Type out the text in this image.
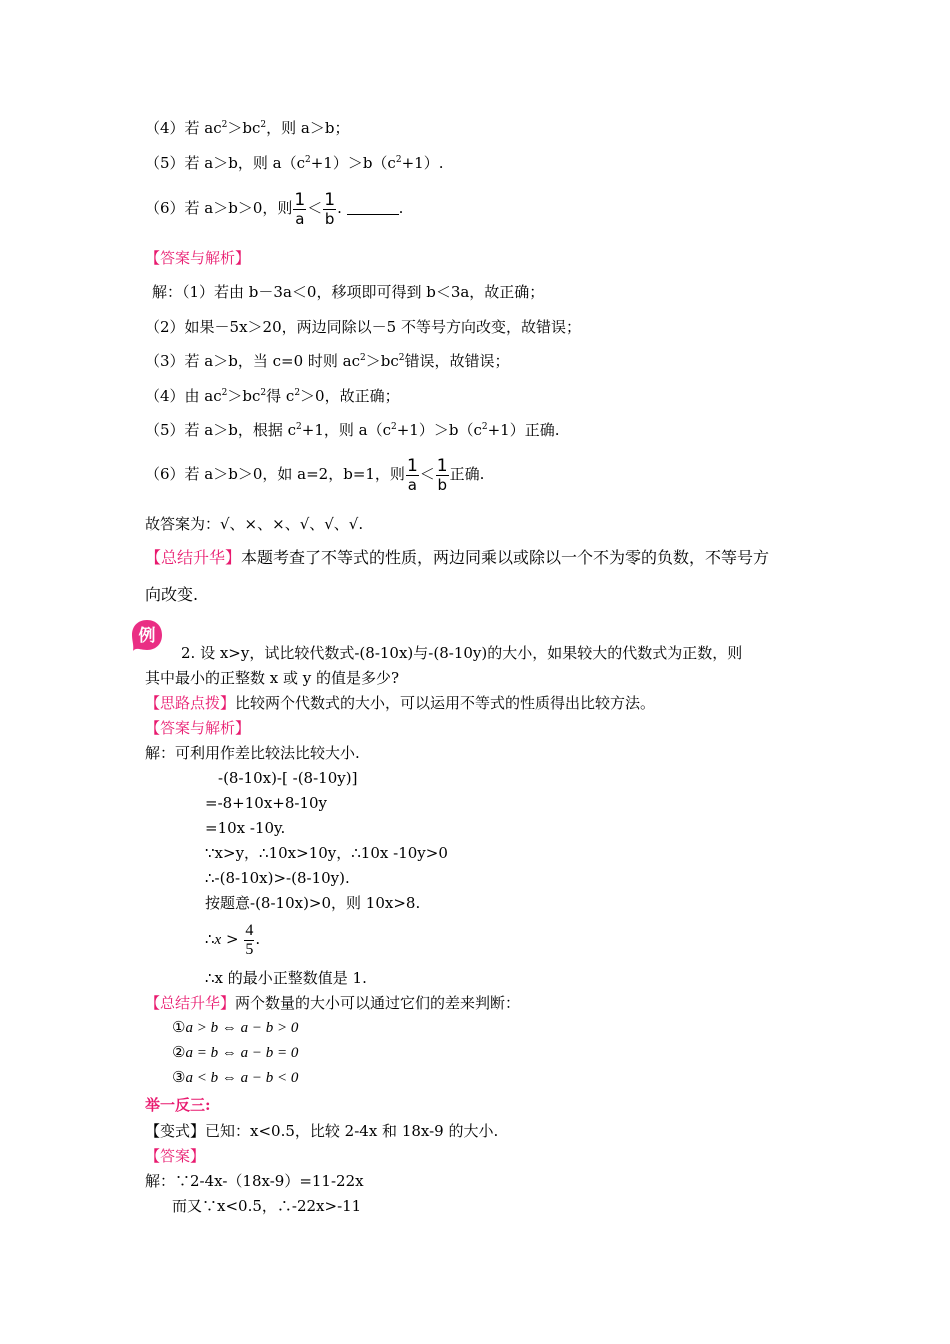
（4）若 $ac^2>bc^2$，则 a＞b；
（5）若 a＞b，则 $a(c^2+1)>b(c^2+1)$.
（6）若 a＞b＞0，则 $\frac{1}{a} < \frac{1}{b}$ .	.
【答案与解析】
解：（1）若由 b－3a＜0，移项即可得到 b＜3a，故正确；
（2）如果－5x＞20，两边同除以－5 不等号方向改变，故错误；
（3）若 a＞b，当 c=0 时则 $ac^2>bc^2$错误，故错误；
（4）由 $ac^2>bc^2$得 $c^2>0$，故正确；
（5）若 a＞b，根据 $c^2+1$，则 $a(c^2+1)>b(c^2+1)$正确.
（6）若 a＞b＞0，如 a=2，b=1，则 $\frac{1}{a} < \frac{1}{b}$ 正确.
故答案为：√、×、×、√、√、√.
【总结升华】本题考查了不等式的性质，两边同乘以或除以一个不为零的负数，不等号方
向改变.
例
2. 设 x>y，试比较代数式-(8-10x)与-(8-10y)的大小，如果较大的代数式为正数，则
其中最小的正整数 x 或 y 的值是多少?
【思路点拨】比较两个代数式的大小，可以运用不等式的性质得出比较方法。
【答案与解析】
解：可利用作差比较法比较大小.
-(8-10x)-[ -(8-10y)]
=-8+10x+8-10y
=10x -10y.
∵x>y，∴10x>10y，∴10x -10y>0
∴-(8-10x)>-(8-10y).
按题意-(8-10x)>0，则 10x>8.
∴x > $\frac{4}{5}$ .
∴x 的最小正整数值是 1.
【总结升华】两个数量的大小可以通过它们的差来判断：
①a > b ⇔ a − b > 0
②a = b ⇔ a − b = 0
③a < b ⇔ a − b < 0
举一反三:
【变式】已知：x<0.5，比较 2-4x 和 18x-9 的大小.
【答案】
解：∵2-4x-（18x-9）=11-22x
而又∵x<0.5，∴-22x>-11
